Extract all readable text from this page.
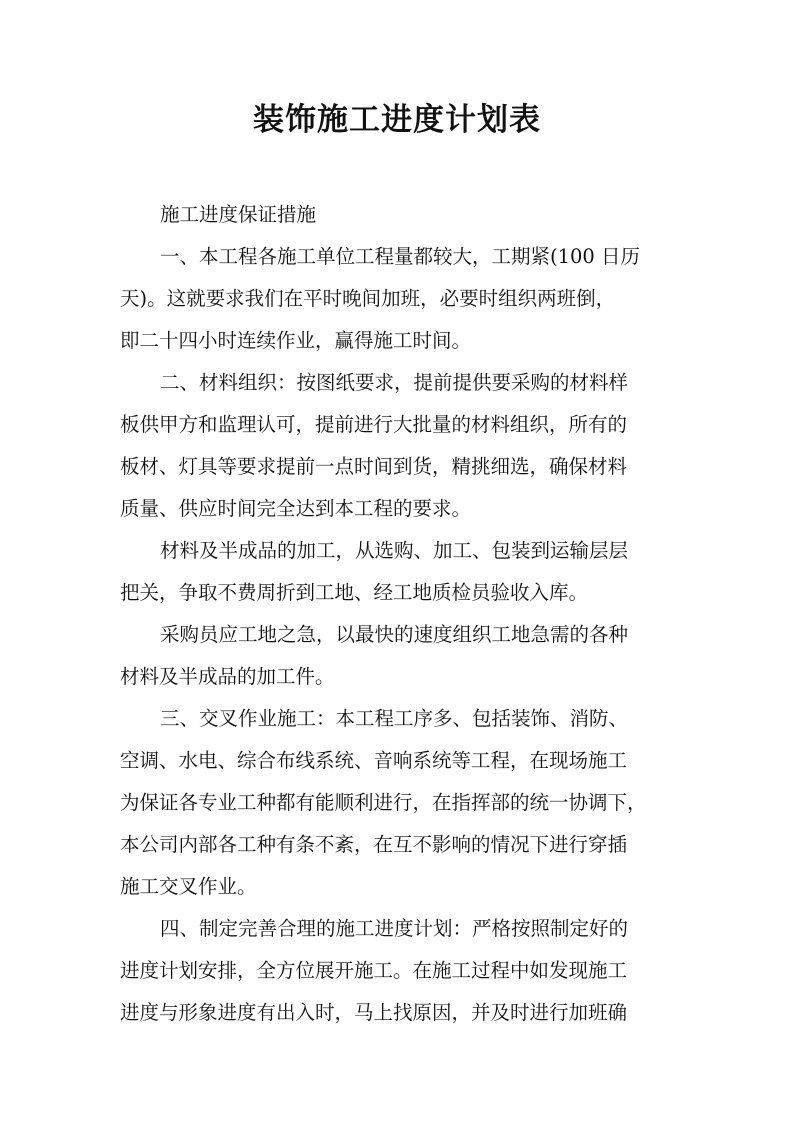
装饰施工进度计划表

施工进度保证措施

一、本工程各施工单位工程量都较大，工期紧(100 日历

天)。这就要求我们在平时晚间加班，必要时组织两班倒，

即二十四小时连续作业，赢得施工时间。

二、材料组织：按图纸要求，提前提供要采购的材料样

板供甲方和监理认可，提前进行大批量的材料组织，所有的

板材、灯具等要求提前一点时间到货，精挑细选，确保材料

质量、供应时间完全达到本工程的要求。

材料及半成品的加工，从选购、加工、包装到运输层层

把关，争取不费周折到工地、经工地质检员验收入库。

采购员应工地之急，以最快的速度组织工地急需的各种

材料及半成品的加工件。

三、交叉作业施工：本工程工序多、包括装饰、消防、

空调、水电、综合布线系统、音响系统等工程，在现场施工

为保证各专业工种都有能顺利进行，在指挥部的统一协调下，

本公司内部各工种有条不紊，在互不影响的情况下进行穿插

施工交叉作业。

四、制定完善合理的施工进度计划：严格按照制定好的

进度计划安排，全方位展开施工。在施工过程中如发现施工

进度与形象进度有出入时，马上找原因，并及时进行加班确
